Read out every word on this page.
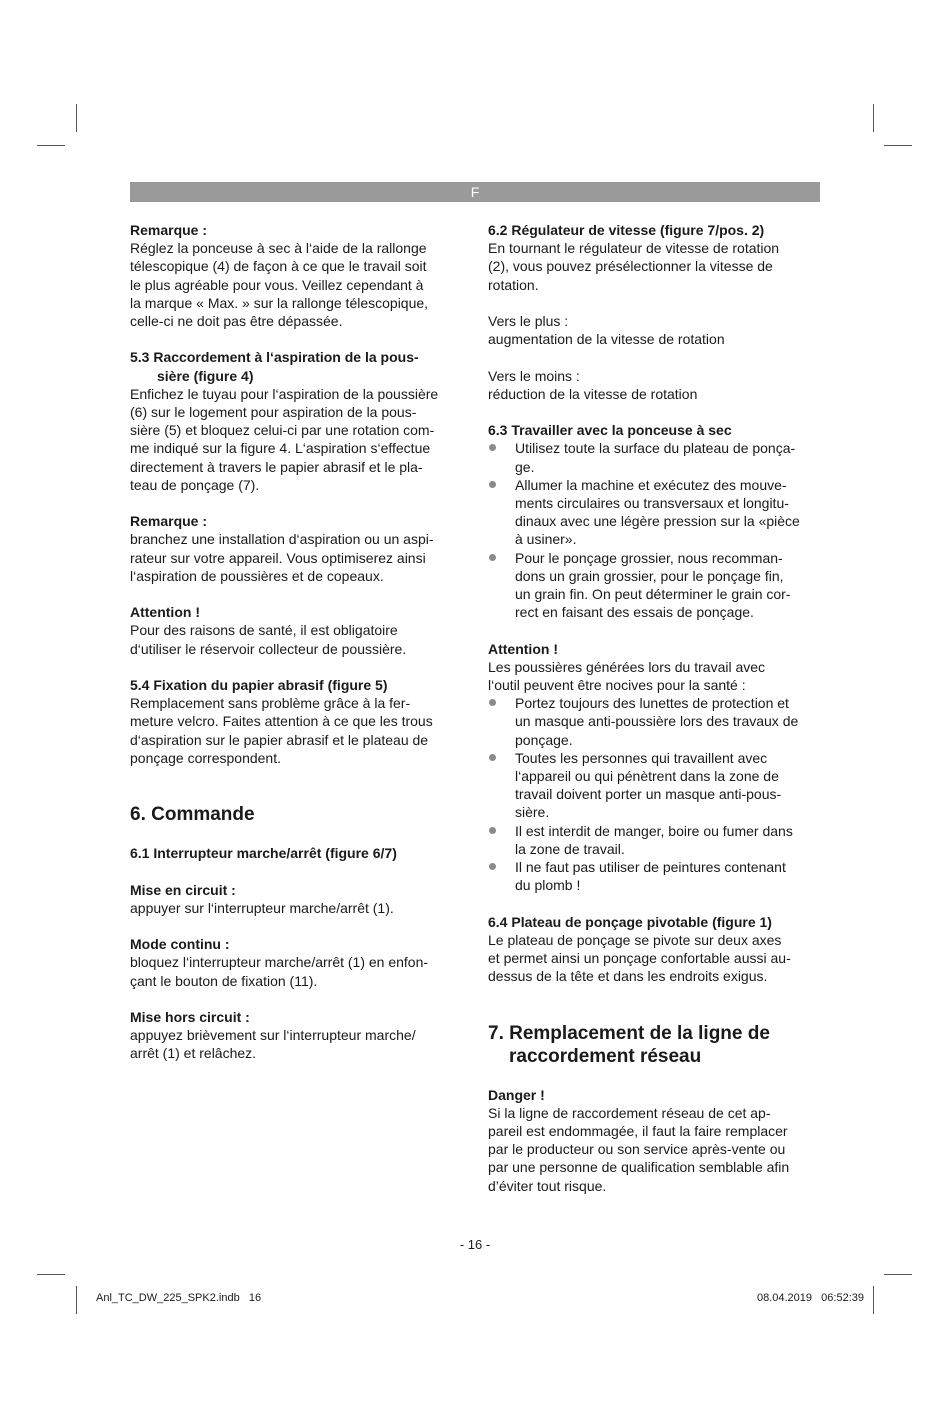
F
Remarque :

Réglez la ponceuse à sec à l‘aide de la rallonge
télescopique (4) de façon à ce que le travail soit
le plus agréable pour vous. Veillez cependant à
la marque « Max. » sur la rallonge télescopique,
celle-ci ne doit pas être dépassée.

5.3 Raccordement à l‘aspiration de la pous-
sière (figure 4)

Enfichez le tuyau pour l‘aspiration de la poussière
(6) sur le logement pour aspiration de la pous-
sière (5) et bloquez celui-ci par une rotation com-
me indiqué sur la figure 4. L‘aspiration s‘effectue
directement à travers le papier abrasif et le pla-
teau de ponçage (7).

Remarque :

branchez une installation d‘aspiration ou un aspi-
rateur sur votre appareil. Vous optimiserez ainsi
l‘aspiration de poussières et de copeaux.

Attention !

Pour des raisons de santé, il est obligatoire
d‘utiliser le réservoir collecteur de poussière.

5.4 Fixation du papier abrasif (figure 5)

Remplacement sans problème grâce à la fer-
meture velcro. Faites attention à ce que les trous
d‘aspiration sur le papier abrasif et le plateau de
ponçage correspondent.

6. Commande
6.1 Interrupteur marche/arrêt (figure 6/7)
Mise en circuit :

appuyer sur l‘interrupteur marche/arrêt (1).

Mode continu :

bloquez l‘interrupteur marche/arrêt (1) en enfon-
çant le bouton de fixation (11).

Mise hors circuit :

appuyez brièvement sur l‘interrupteur marche/
arrêt (1) et relâchez.

6.2 Régulateur de vitesse (figure 7/pos. 2)

En tournant le régulateur de vitesse de rotation
(2), vous pouvez présélectionner la vitesse de
rotation.

Vers le plus :

augmentation de la vitesse de rotation

Vers le moins :

réduction de la vitesse de rotation

6.3 Travailler avec la ponceuse à sec
Utilisez toute la surface du plateau de ponça-
ge.
Allumer la machine et exécutez des mouve-
ments circulaires ou transversaux et longitu-
dinaux avec une légère pression sur la «pièce
à usiner».
Pour le ponçage grossier, nous recomman-
dons un grain grossier, pour le ponçage fin,
un grain fin. On peut déterminer le grain cor-
rect en faisant des essais de ponçage.
Attention !

Les poussières générées lors du travail avec
l‘outil peuvent être nocives pour la santé :

Portez toujours des lunettes de protection et
un masque anti-poussière lors des travaux de
ponçage.
Toutes les personnes qui travaillent avec
l‘appareil ou qui pénètrent dans la zone de
travail doivent porter un masque anti-pous-
sière.
Il est interdit de manger, boire ou fumer dans
la zone de travail.
Il ne faut pas utiliser de peintures contenant
du plomb !
6.4 Plateau de ponçage pivotable (figure 1)

Le plateau de ponçage se pivote sur deux axes
et permet ainsi un ponçage confortable aussi au-
dessus de la tête et dans les endroits exigus.

7. Remplacement de la ligne de
raccordement réseau
Danger !

Si la ligne de raccordement réseau de cet ap-
pareil est endommagée, il faut la faire remplacer
par le producteur ou son service après-vente ou
par une personne de qualification semblable afin
d’éviter tout risque.

- 16 -
Anl_TC_DW_225_SPK2.indb   16	08.04.2019   06:52:39
